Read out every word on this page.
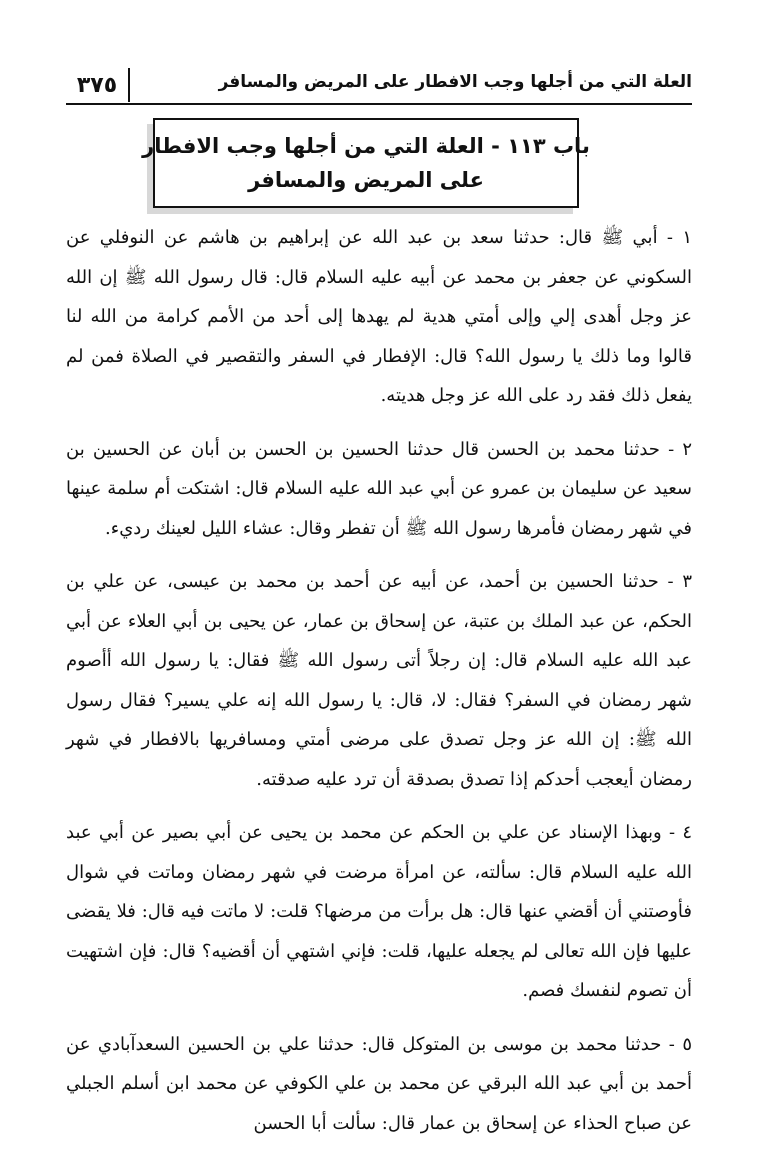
٣٧٥	العلة التي من أجلها وجب الافطار على المريض والمسافر
باب ١١٣ - العلة التي من أجلها وجب الافطار
على المريض والمسافر

١ - أبي ﷺ قال: حدثنا سعد بن عبد الله عن إبراهيم بن هاشم عن النوفلي عن السكوني عن جعفر بن محمد عن أبيه عليه السلام قال: قال رسول الله ﷺ إن الله عز وجل أهدى إلي وإلى أمتي هدية لم يهدها إلى أحد من الأمم كرامة من الله لنا قالوا وما ذلك يا رسول الله؟ قال: الإفطار في السفر والتقصير في الصلاة فمن لم يفعل ذلك فقد رد على الله عز وجل هديته.

٢ - حدثنا محمد بن الحسن قال حدثنا الحسين بن الحسن بن أبان عن الحسين بن سعيد عن سليمان بن عمرو عن أبي عبد الله عليه السلام قال: اشتكت أم سلمة عينها في شهر رمضان فأمرها رسول الله ﷺ أن تفطر وقال: عشاء الليل لعينك رديء.

٣ - حدثنا الحسين بن أحمد، عن أبيه عن أحمد بن محمد بن عيسى، عن علي بن الحكم، عن عبد الملك بن عتبة، عن إسحاق بن عمار، عن يحيى بن أبي العلاء عن أبي عبد الله عليه السلام قال: إن رجلاً أتى رسول الله ﷺ فقال: يا رسول الله أأصوم شهر رمضان في السفر؟ فقال: لا، قال: يا رسول الله إنه علي يسير؟ فقال رسول الله ﷺ: إن الله عز وجل تصدق على مرضى أمتي ومسافريها بالافطار في شهر رمضان أيعجب أحدكم إذا تصدق بصدقة أن ترد عليه صدقته.

٤ - وبهذا الإسناد عن علي بن الحكم عن محمد بن يحيى عن أبي بصير عن أبي عبد الله عليه السلام قال: سألته، عن امرأة مرضت في شهر رمضان وماتت في شوال فأوصتني أن أقضي عنها قال: هل برأت من مرضها؟ قلت: لا ماتت فيه قال: فلا يقضى عليها فإن الله تعالى لم يجعله عليها، قلت: فإني اشتهي أن أقضيه؟ قال: فإن اشتهيت أن تصوم لنفسك فصم.

٥ - حدثنا محمد بن موسى بن المتوكل قال: حدثنا علي بن الحسين السعدآبادي عن أحمد بن أبي عبد الله البرقي عن محمد بن علي الكوفي عن محمد ابن أسلم الجبلي عن صباح الحذاء عن إسحاق بن عمار قال: سألت أبا الحسن
